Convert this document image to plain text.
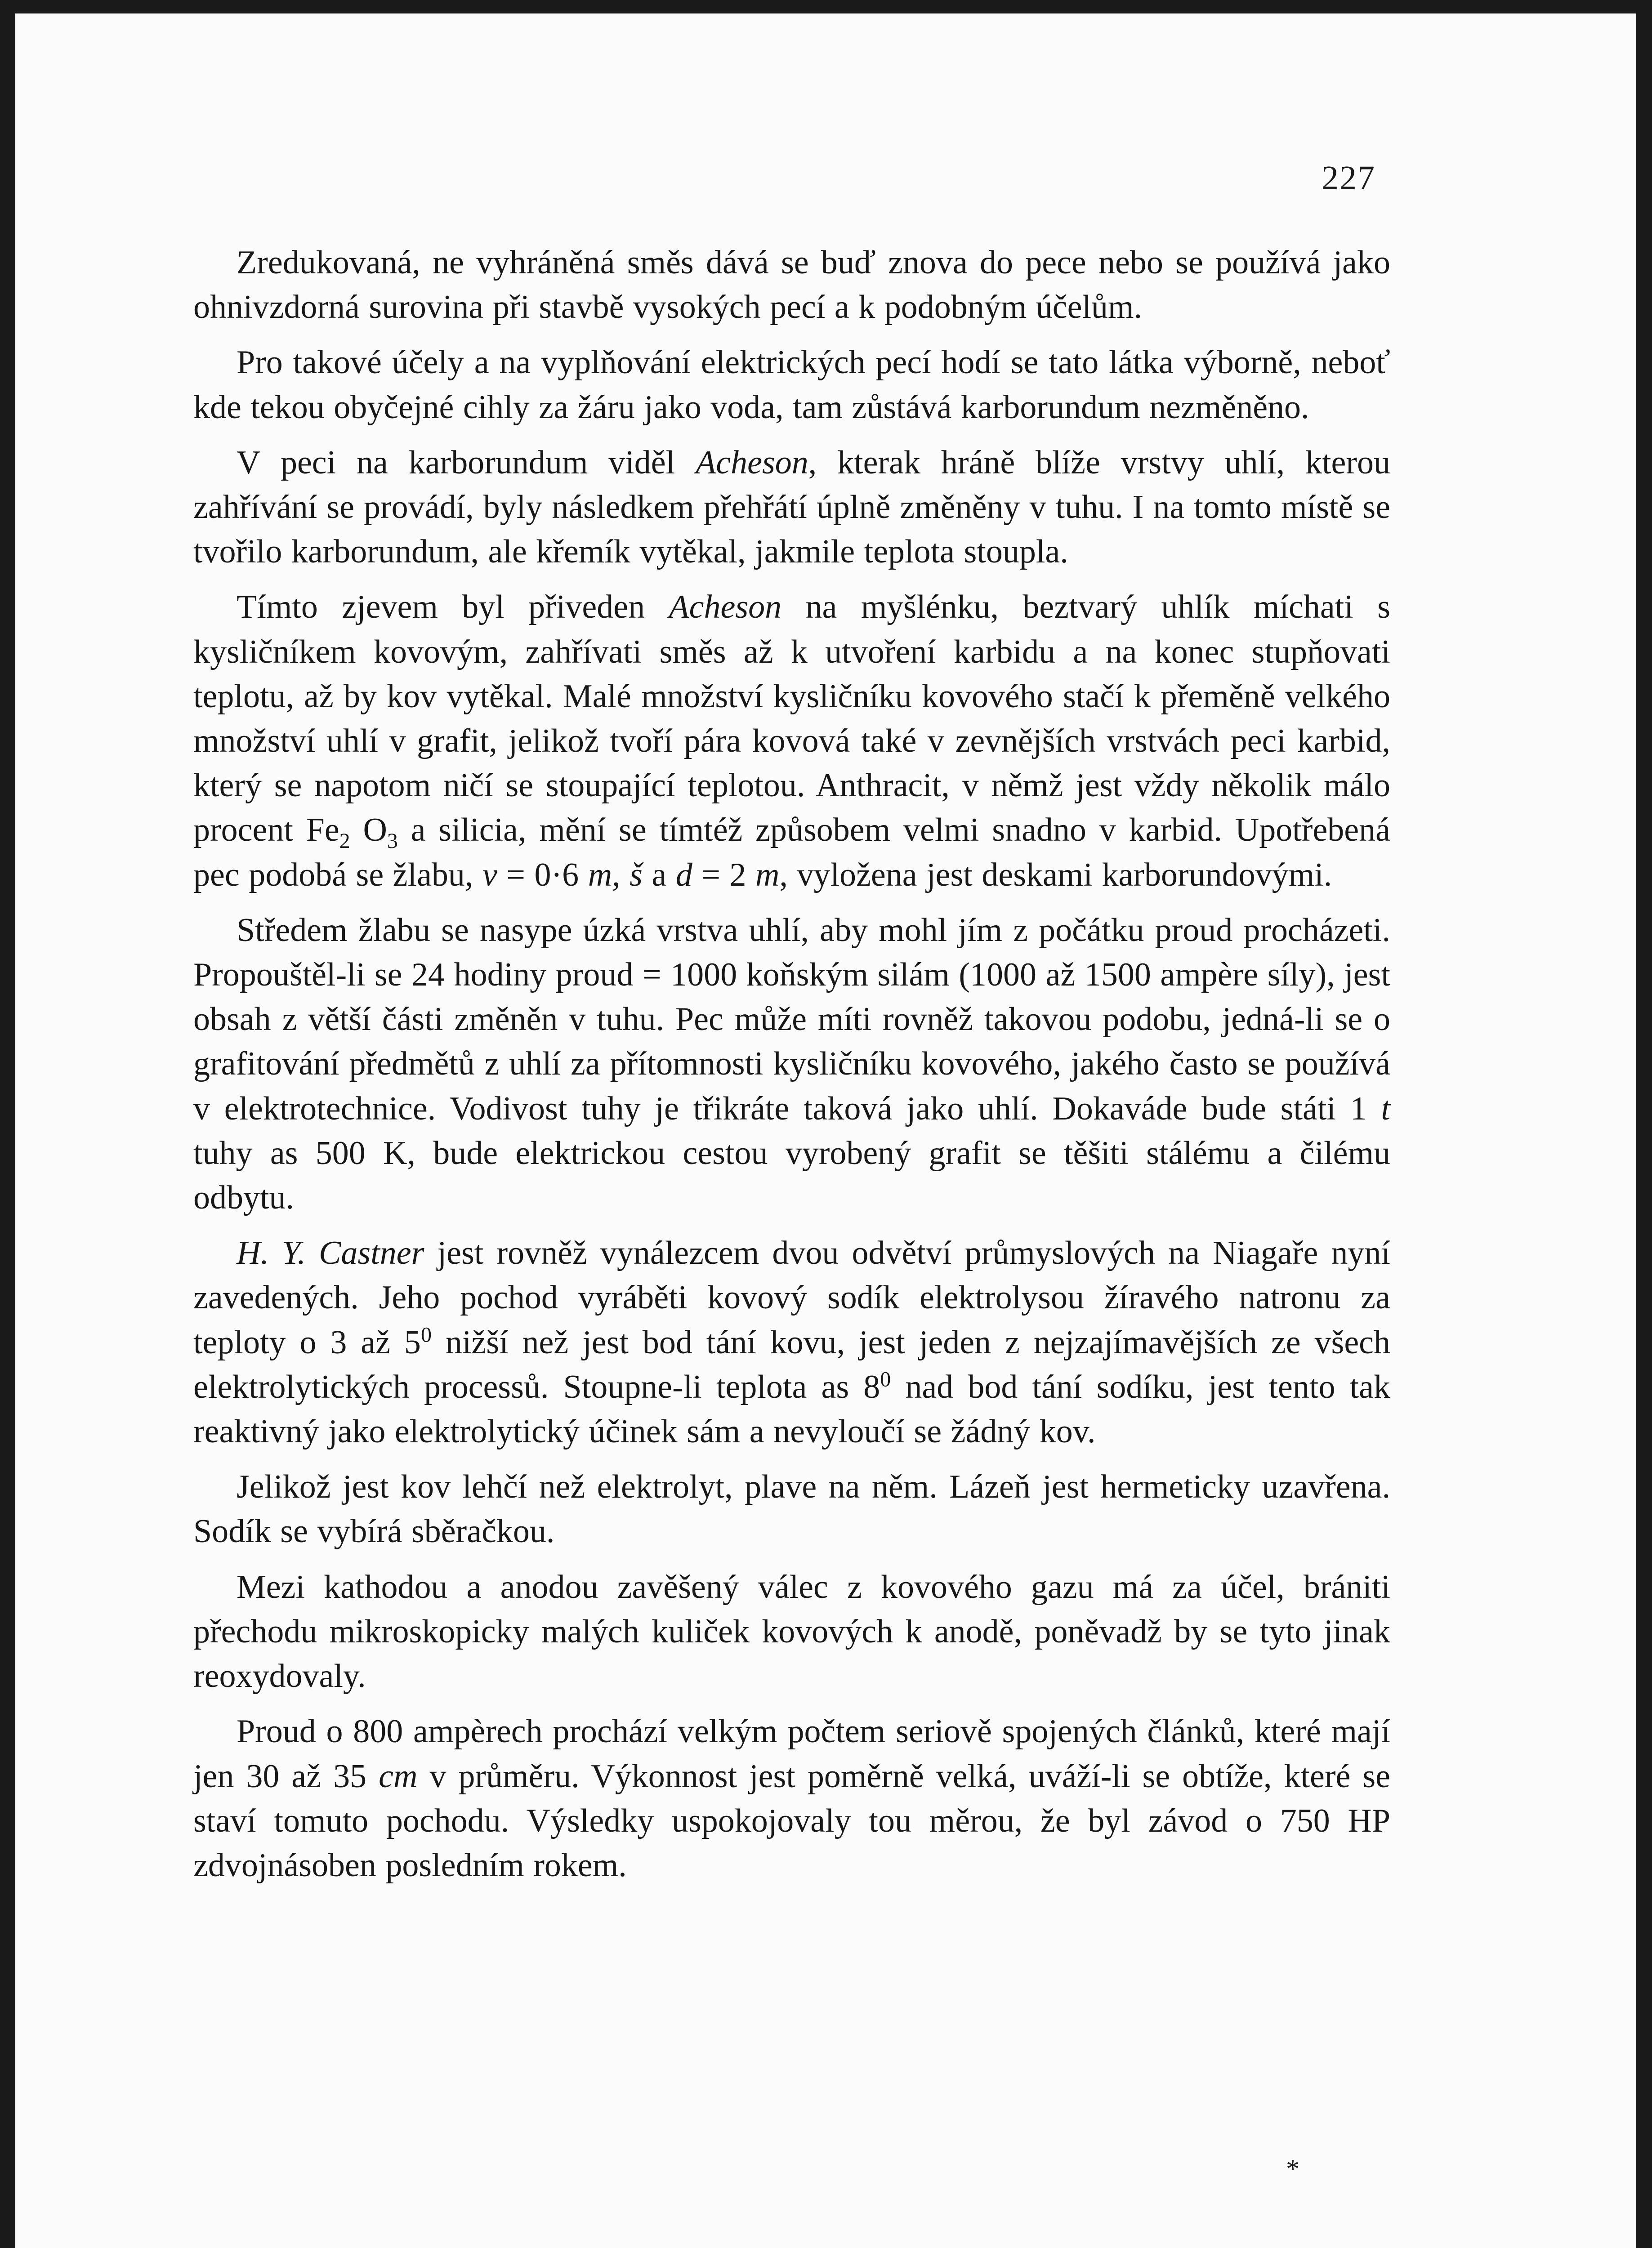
227

Zredukovaná, ne vyhráněná směs dává se buď znova do pece nebo se používá jako ohnivzdorná surovina při stavbě vysokých pecí a k podobným účelům.

Pro takové účely a na vyplňování elektrických pecí hodí se tato látka výborně, neboť kde tekou obyčejné cihly za žáru jako voda, tam zůstává karborundum nezměněno.

V peci na karborundum viděl Acheson, kterak hráně blíže vrstvy uhlí, kterou zahřívání se provádí, byly následkem přehřátí úplně změněny v tuhu. I na tomto místě se tvořilo karborundum, ale křemík vytěkal, jakmile teplota stoupla.

Tímto zjevem byl přiveden Acheson na myšlénku, beztvarý uhlík míchati s kysličníkem kovovým, zahřívati směs až k utvoření karbidu a na konec stupňovati teplotu, až by kov vytěkal. Malé množství kysličníku kovového stačí k přeměně velkého množství uhlí v grafit, jelikož tvoří pára kovová také v zevnějších vrstvách peci karbid, který se napotom ničí se stoupající teplotou. Anthracit, v němž jest vždy několik málo procent $Fe_2$ $O_3$ a silicia, mění se tímtéž způsobem velmi snadno v karbid. Upotřebená pec podobá se žlabu, v = 0·6 m, š a d = 2 m, vyložena jest deskami karborundovými.

Středem žlabu se nasype úzká vrstva uhlí, aby mohl jím z počátku proud procházeti. Propouštěl-li se 24 hodiny proud = 1000 koňským silám (1000 až 1500 ampère síly), jest obsah z větší části změněn v tuhu. Pec může míti rovněž takovou podobu, jedná-li se o grafitování předmětů z uhlí za přítomnosti kysličníku kovového, jakého často se používá v elektrotechnice. Vodivost tuhy je třikráte taková jako uhlí. Dokaváde bude státi 1 t tuhy as 500 K, bude elektrickou cestou vyrobený grafit se těšiti stálému a čilému odbytu.

H. Y. Castner jest rovněž vynálezcem dvou odvětví průmyslových na Niagaře nyní zavedených. Jeho pochod vyráběti kovový sodík elektrolysou žíravého natronu za teploty o 3 až $5^0$ nižší než jest bod tání kovu, jest jeden z nejzajímavějších ze všech elektrolytických processů. Stoupne-li teplota as $8^0$ nad bod tání sodíku, jest tento tak reaktivný jako elektrolytický účinek sám a nevyloučí se žádný kov.

Jelikož jest kov lehčí než elektrolyt, plave na něm. Lázeň jest hermeticky uzavřena. Sodík se vybírá sběračkou.

Mezi kathodou a anodou zavěšený válec z kovového gazu má za účel, brániti přechodu mikroskopicky malých kuliček kovových k anodě, poněvadž by se tyto jinak reoxydovaly.

Proud o 800 ampèrech prochází velkým počtem seriově spojených článků, které mají jen 30 až 35 cm v průměru. Výkonnost jest poměrně velká, uváží-li se obtíže, které se staví tomuto pochodu. Výsledky uspokojovaly tou měrou, že byl závod o 750 HP zdvojnásoben posledním rokem.

*
